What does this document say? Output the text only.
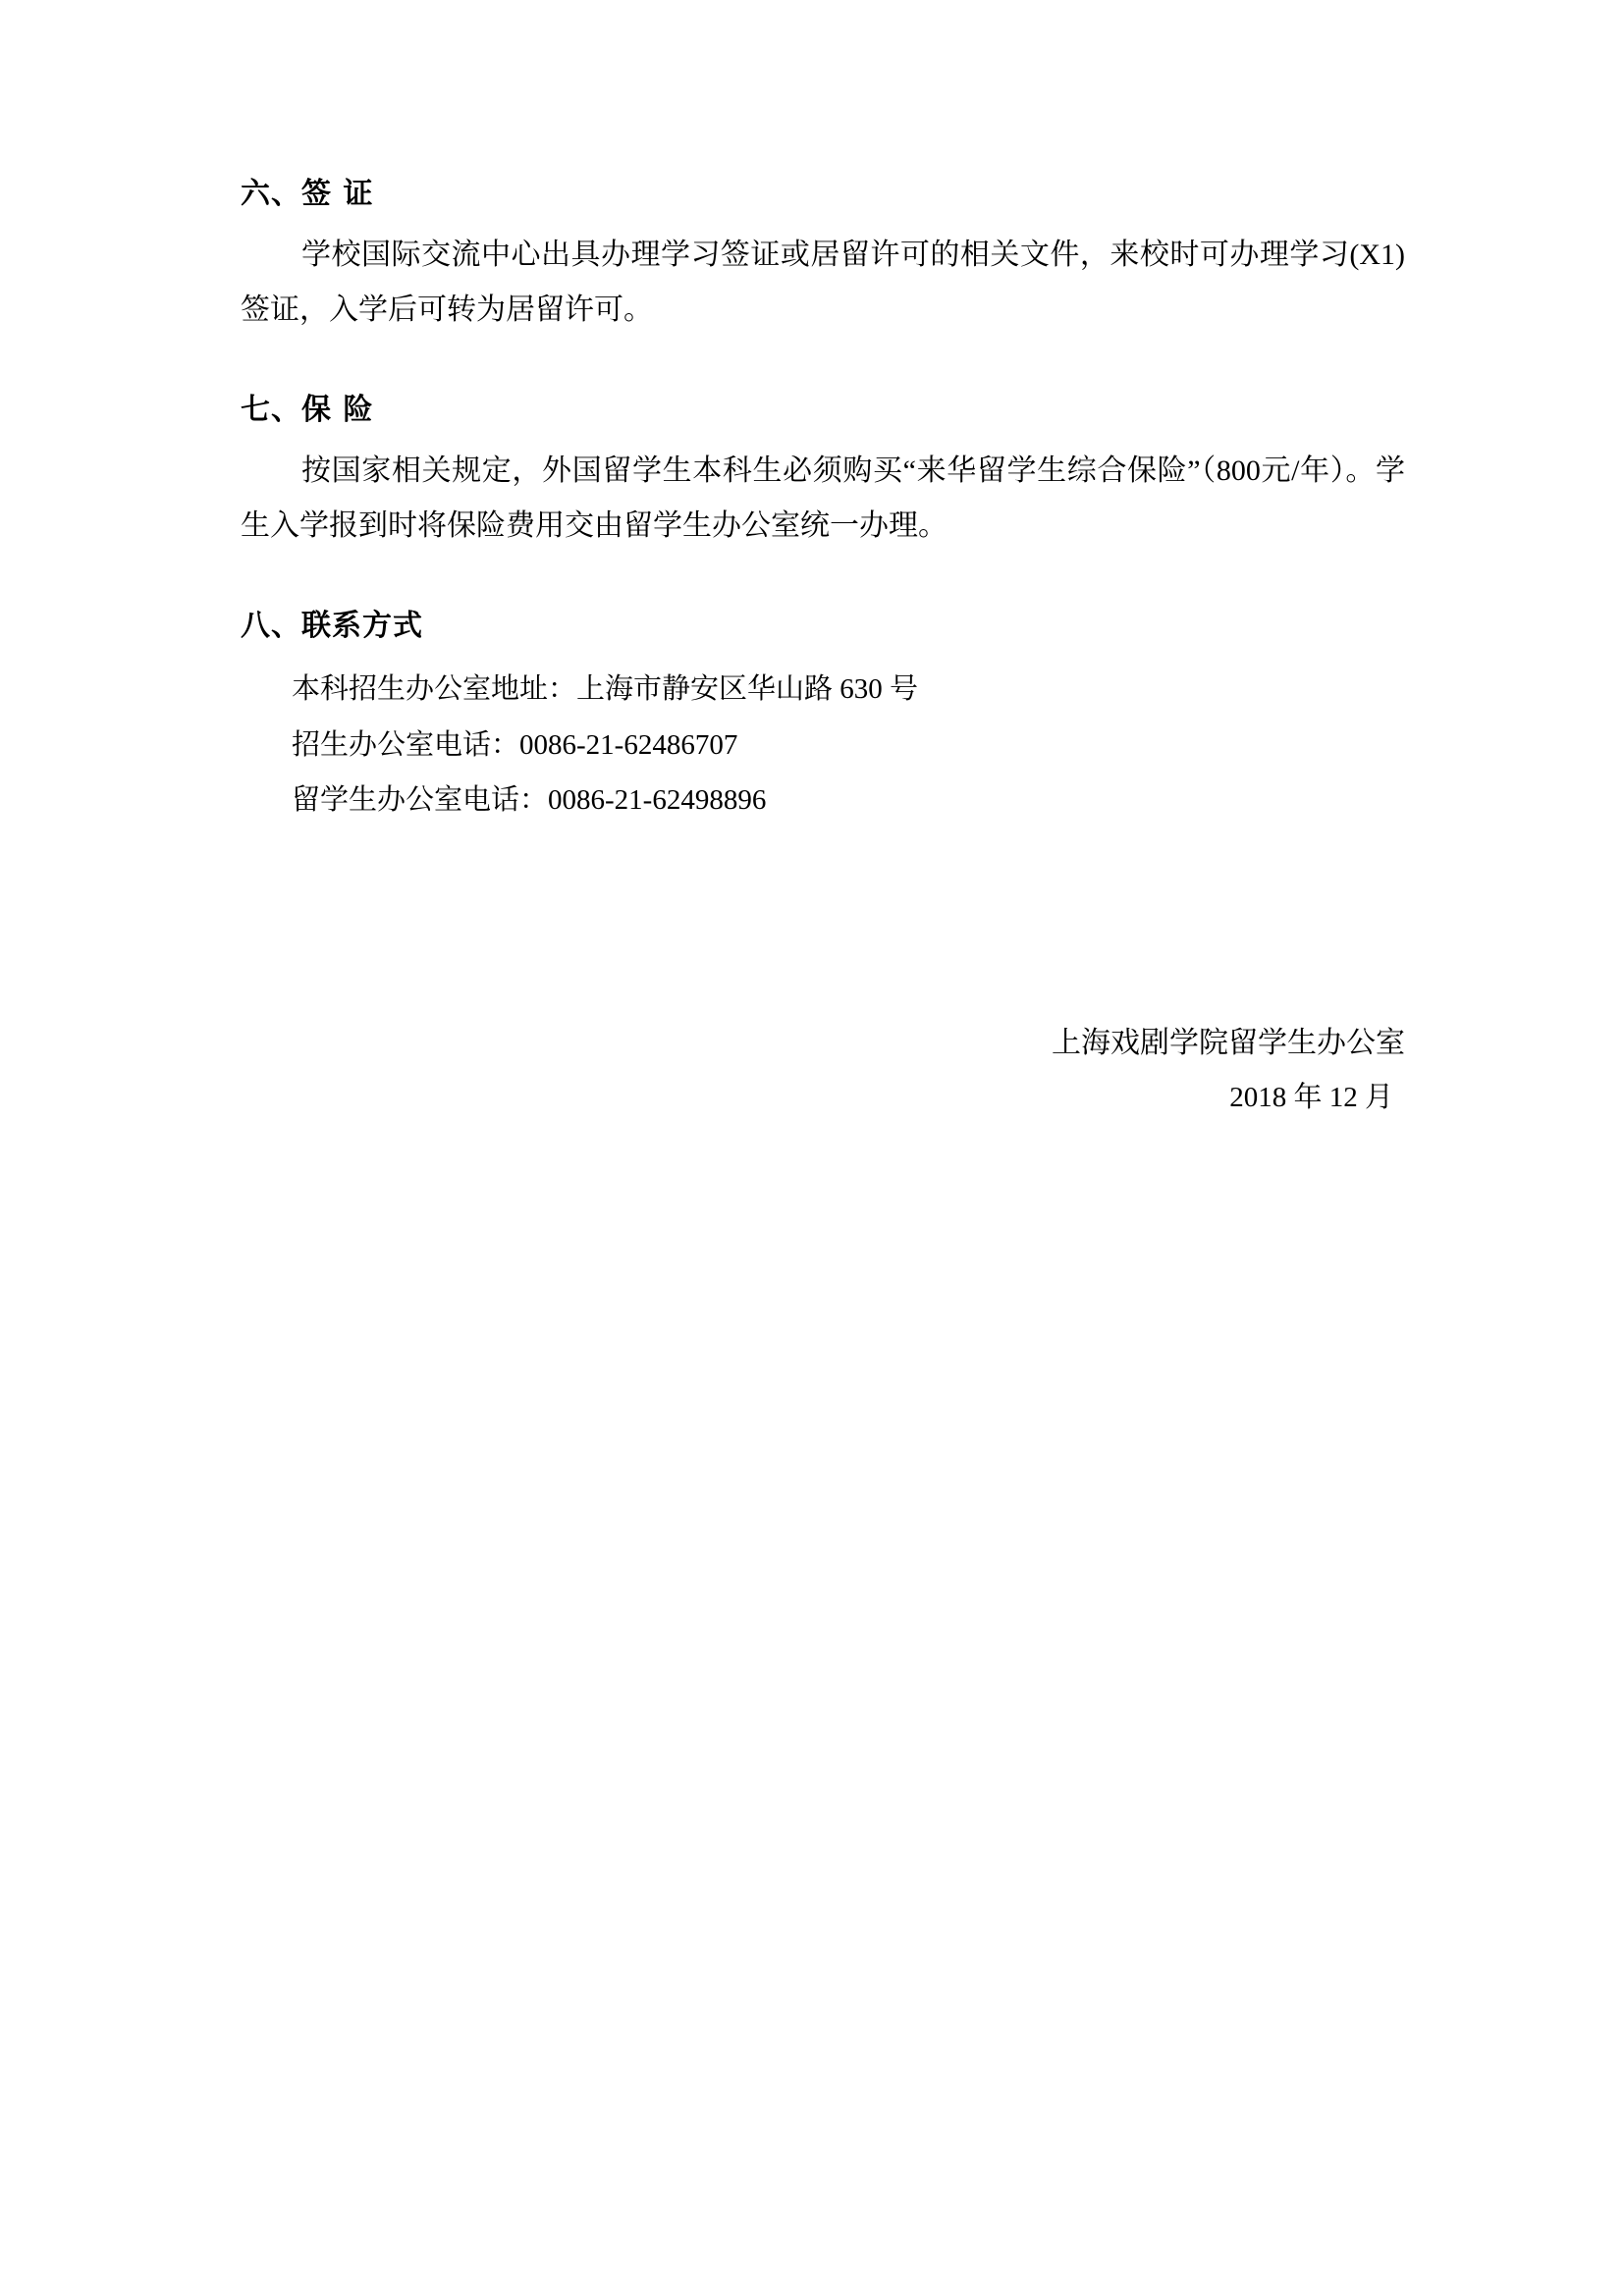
六、签 证

学校国际交流中心出具办理学习签证或居留许可的相关文件，来校时可办理学习(X1)签证，入学后可转为居留许可。

七、保 险

按国家相关规定，外国留学生本科生必须购买“来华留学生综合保险”（800元/年）。学生入学报到时将保险费用交由留学生办公室统一办理。

八、联系方式

本科招生办公室地址：上海市静安区华山路 630 号

招生办公室电话：0086-21-62486707

留学生办公室电话：0086-21-62498896

上海戏剧学院留学生办公室

2018 年 12 月
